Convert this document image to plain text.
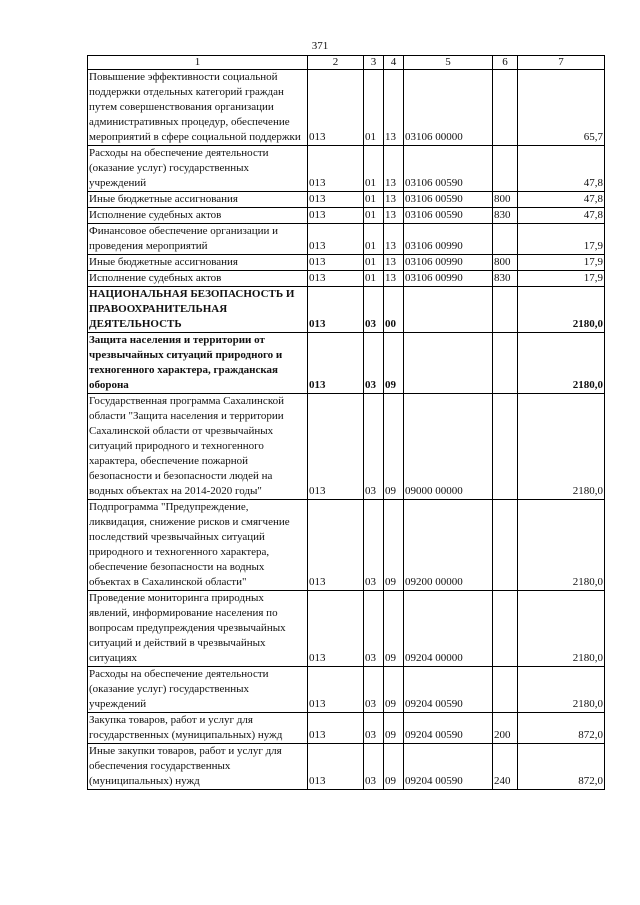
371
1	2	3	4	5	6	7
Повышение эффективности социальной поддержки отдельных категорий граждан путем совершенствования организации административных процедур, обеспечение мероприятий в сфере социальной поддержки	013	01	13	03106 00000		65,7
Расходы на обеспечение деятельности (оказание услуг) государственных учреждений	013	01	13	03106 00590		47,8
Иные бюджетные ассигнования	013	01	13	03106 00590	800	47,8
Исполнение судебных актов	013	01	13	03106 00590	830	47,8
Финансовое обеспечение организации и проведения мероприятий	013	01	13	03106 00990		17,9
Иные бюджетные ассигнования	013	01	13	03106 00990	800	17,9
Исполнение судебных актов	013	01	13	03106 00990	830	17,9
НАЦИОНАЛЬНАЯ БЕЗОПАСНОСТЬ И ПРАВООХРАНИТЕЛЬНАЯ ДЕЯТЕЛЬНОСТЬ	013	03	00			2180,0
Защита населения и территории от чрезвычайных ситуаций природного и техногенного характера, гражданская оборона	013	03	09			2180,0
Государственная программа Сахалинской области "Защита населения и территории Сахалинской области от чрезвычайных ситуаций природного и техногенного характера, обеспечение пожарной безопасности и безопасности людей на водных объектах на 2014-2020 годы"	013	03	09	09000 00000		2180,0
Подпрограмма "Предупреждение, ликвидация, снижение рисков и смягчение последствий чрезвычайных ситуаций природного и техногенного характера, обеспечение безопасности на водных объектах в Сахалинской области"	013	03	09	09200 00000		2180,0
Проведение мониторинга природных явлений, информирование населения по вопросам предупреждения чрезвычайных ситуаций и действий в чрезвычайных ситуациях	013	03	09	09204 00000		2180,0
Расходы на обеспечение деятельности (оказание услуг) государственных учреждений	013	03	09	09204 00590		2180,0
Закупка товаров, работ и услуг для государственных (муниципальных) нужд	013	03	09	09204 00590	200	872,0
Иные закупки товаров, работ и услуг для обеспечения государственных (муниципальных) нужд	013	03	09	09204 00590	240	872,0
